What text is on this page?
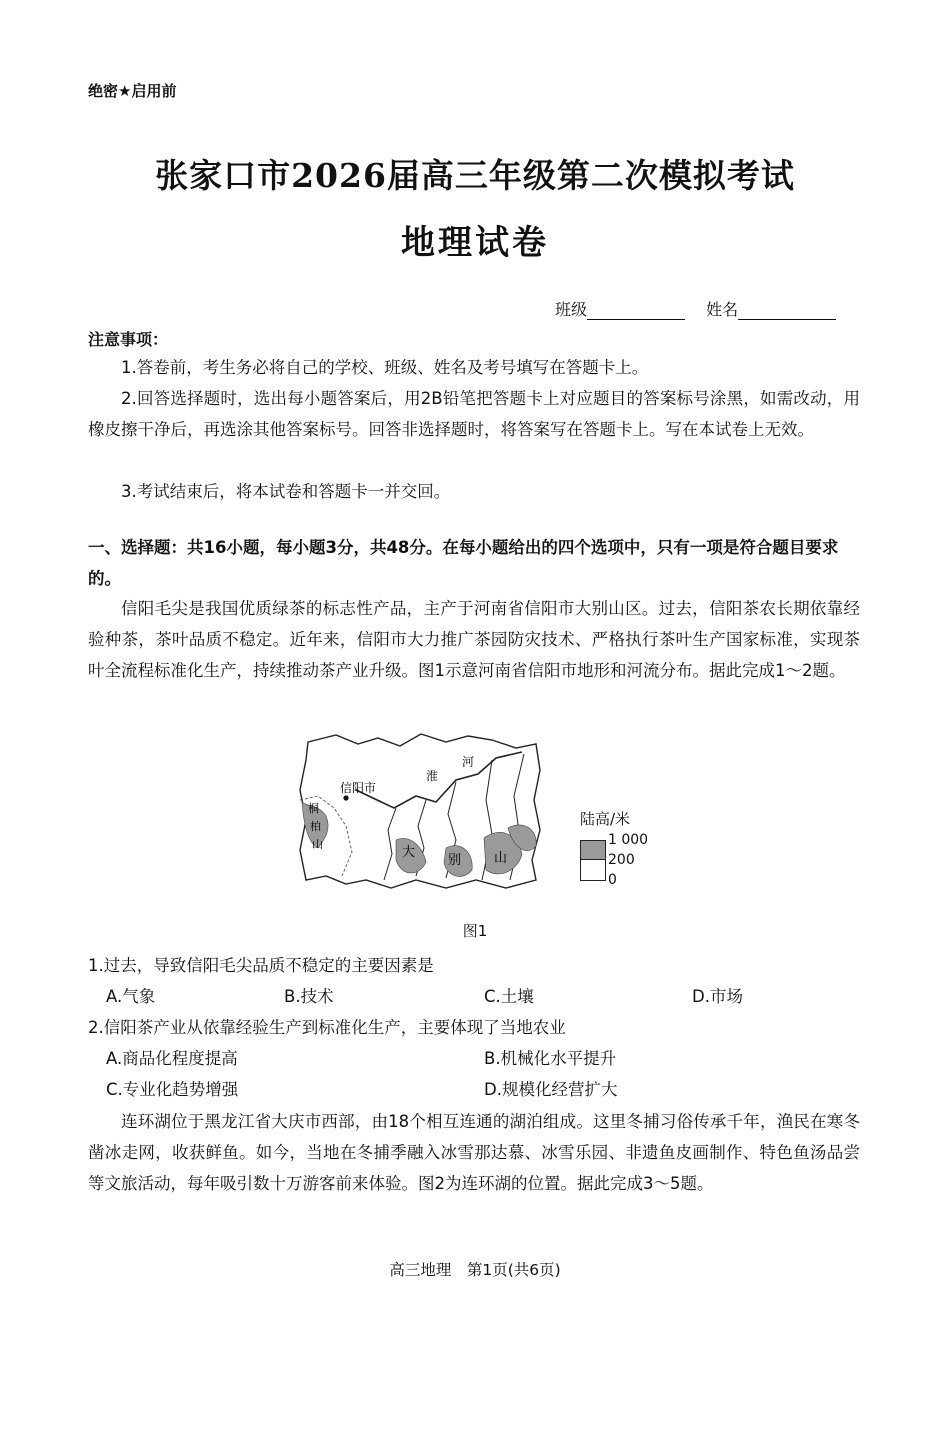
绝密★启用前
张家口市2026届高三年级第二次模拟考试
地理试卷
班级	姓名
注意事项：
1.答卷前，考生务必将自己的学校、班级、姓名及考号填写在答题卡上。
2.回答选择题时，选出每小题答案后，用2B铅笔把答题卡上对应题目的答案标号涂黑，如需改动，用橡皮擦干净后，再选涂其他答案标号。回答非选择题时，将答案写在答题卡上。写在本试卷上无效。
3.考试结束后，将本试卷和答题卡一并交回。
一、选择题：共16小题，每小题3分，共48分。在每小题给出的四个选项中，只有一项是符合题目要求的。
信阳毛尖是我国优质绿茶的标志性产品，主产于河南省信阳市大别山区。过去，信阳茶农长期依靠经验种茶，茶叶品质不稳定。近年来，信阳市大力推广茶园防灾技术、严格执行茶叶生产国家标准，实现茶叶全流程标准化生产，持续推动茶产业升级。图1示意河南省信阳市地形和河流分布。据此完成1～2题。
信阳市
淮
河
桐
柏
山
大
别	山
陆高/米
1 000
200
0
图1
1.过去，导致信阳毛尖品质不稳定的主要因素是
A.气象	B.技术	C.土壤	D.市场
2.信阳茶产业从依靠经验生产到标准化生产，主要体现了当地农业
A.商品化程度提高	B.机械化水平提升
C.专业化趋势增强	D.规模化经营扩大
连环湖位于黑龙江省大庆市西部，由18个相互连通的湖泊组成。这里冬捕习俗传承千年，渔民在寒冬凿冰走网，收获鲜鱼。如今，当地在冬捕季融入冰雪那达慕、冰雪乐园、非遗鱼皮画制作、特色鱼汤品尝等文旅活动，每年吸引数十万游客前来体验。图2为连环湖的位置。据此完成3～5题。
高三地理　第1页(共6页)
